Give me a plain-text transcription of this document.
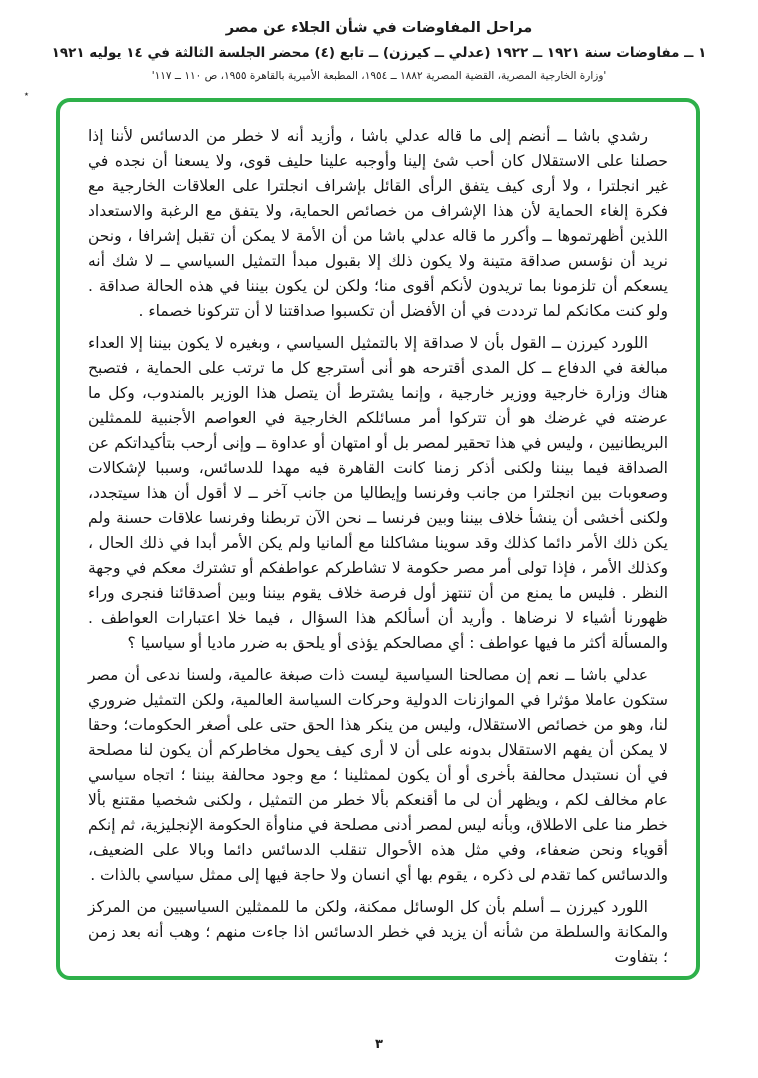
مراحل المفاوضات في شأن الجلاء عن مصر
١ ــ مفاوضات سنة ١٩٢١ ــ ١٩٢٢ (عدلي ــ كيرزن) ــ تابع (٤) محضر الجلسة الثالثة في ١٤ يوليه ١٩٢١
'وزارة الخارجية المصرية، القضية المصرية ١٨٨٢ ــ ١٩٥٤، المطبعة الأميرية بالقاهرة ١٩٥٥، ص ١١٠ ــ ١١٧'
٭

رشدي باشا ــ أنضم إلى ما قاله عدلي باشا ، وأزيد أنه لا خطر من الدسائس لأننا إذا حصلنا على الاستقلال كان أحب شئ إلينا وأوجبه علينا حليف قوى، ولا يسعنا أن نجده في غير انجلترا ، ولا أرى كيف يتفق الرأى القائل بإشراف انجلترا على العلاقات الخارجية مع فكرة إلغاء الحماية لأن هذا الإشراف من خصائص الحماية، ولا يتفق مع الرغبة والاستعداد اللذين أظهرتموها ــ وأكرر ما قاله عدلي باشا من أن الأمة لا يمكن أن تقبل إشرافا ، ونحن نريد أن نؤسس صداقة متينة ولا يكون ذلك إلا بقبول مبدأ التمثيل السياسي ــ لا شك أنه يسعكم أن تلزمونا بما تريدون لأنكم أقوى منا؛ ولكن لن يكون بيننا في هذه الحالة صداقة . ولو كنت مكانكم لما ترددت في أن الأفضل أن تكسبوا صداقتنا لا أن تتركونا خصماء .

اللورد كيرزن ــ القول بأن لا صداقة إلا بالتمثيل السياسي ، وبغيره لا يكون بيننا إلا العداء مبالغة في الدفاع ــ كل المدى أقترحه هو أنى أسترجع كل ما ترتب على الحماية ، فتصبح هناك وزارة خارجية ووزير خارجية ، وإنما يشترط أن يتصل هذا الوزير بالمندوب، وكل ما عرضته في غرضك هو أن تتركوا أمر مسائلكم الخارجية في العواصم الأجنبية للممثلين البريطانيين ، وليس في هذا تحقير لمصر بل أو امتهان أو عداوة ــ وإنى أرحب بتأكيداتكم عن الصداقة فيما بيننا ولكنى أذكر زمنا كانت القاهرة فيه مهدا للدسائس، وسببا لإشكالات وصعوبات بين انجلترا من جانب وفرنسا وإيطاليا من جانب آخر ــ لا أقول أن هذا سيتجدد، ولكنى أخشى أن ينشأ خلاف بيننا وبين فرنسا ــ نحن الآن تربطنا وفرنسا علاقات حسنة ولم يكن ذلك الأمر دائما كذلك وقد سوينا مشاكلنا مع ألمانيا ولم يكن الأمر أبدا في ذلك الحال ، وكذلك الأمر ، فإذا تولى أمر مصر حكومة لا تشاطركم عواطفكم أو تشترك معكم في وجهة النظر . فليس ما يمنع من أن تنتهز أول فرصة خلاف يقوم بيننا وبين أصدقائنا فنجرى وراء ظهورنا أشياء لا نرضاها . وأريد أن أسألكم هذا السؤال ، فيما خلا اعتبارات العواطف . والمسألة أكثر ما فيها عواطف : أي مصالحكم يؤذى أو يلحق به ضرر ماديا أو سياسيا ؟

عدلي باشا ــ نعم إن مصالحنا السياسية ليست ذات صبغة عالمية، ولسنا ندعى أن مصر ستكون عاملا مؤثرا في الموازنات الدولية وحركات السياسة العالمية، ولكن التمثيل ضروري لنا، وهو من خصائص الاستقلال، وليس من ينكر هذا الحق حتى على أصغر الحكومات؛ وحقا لا يمكن أن يفهم الاستقلال بدونه على أن لا أرى كيف يحول مخاطركم أن يكون لنا مصلحة في أن نستبدل محالفة بأخرى أو أن يكون لممثلينا ؛ مع وجود محالفة بيننا ؛ اتجاه سياسي عام مخالف لكم ، ويظهر أن لى ما أقنعكم بألا خطر من التمثيل ، ولكنى شخصيا مقتنع بألا خطر منا على الاطلاق، وبأنه ليس لمصر أدنى مصلحة في مناوأة الحكومة الإنجليزية، ثم إنكم أقوياء ونحن ضعفاء، وفي مثل هذه الأحوال تنقلب الدسائس دائما وبالا على الضعيف، والدسائس كما تقدم لى ذكره ، يقوم بها أي انسان ولا حاجة فيها إلى ممثل سياسي بالذات .

اللورد كيرزن ــ أسلم بأن كل الوسائل ممكنة، ولكن ما للممثلين السياسيين من المركز والمكانة والسلطة من شأنه أن يزيد في خطر الدسائس اذا جاءت منهم ؛ وهب أنه بعد زمن ؛ بتفاوت

٣
